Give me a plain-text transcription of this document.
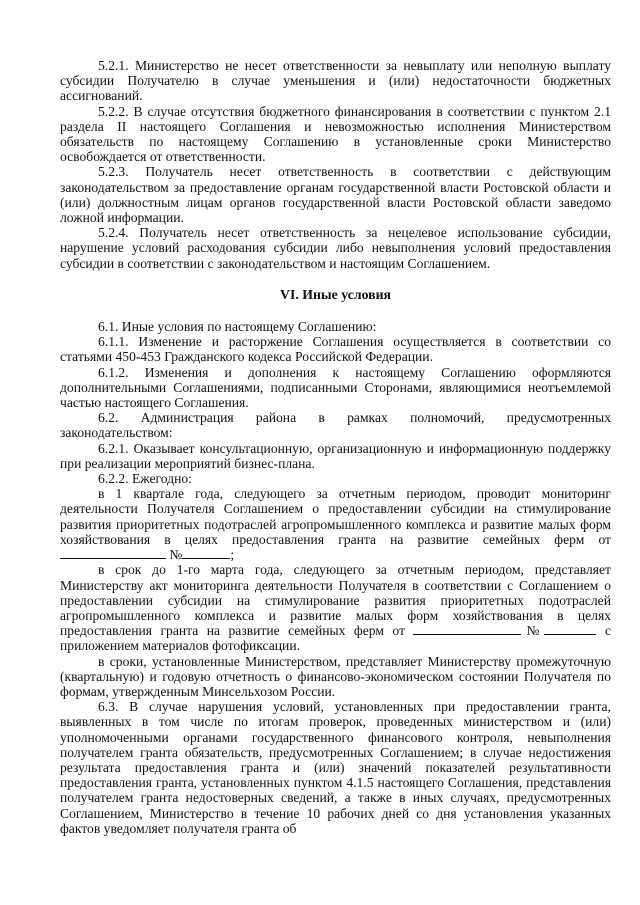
5.2.1. Министерство не несет ответственности за невыплату или неполную выплату субсидии Получателю в случае уменьшения и (или) недостаточности бюджетных ассигнований.

5.2.2. В случае отсутствия бюджетного финансирования в соответствии с пунктом 2.1 раздела II настоящего Соглашения и невозможностью исполнения Министерством обязательств по настоящему Соглашению в установленные сроки Министерство освобождается от ответственности.

5.2.3. Получатель несет ответственность в соответствии с действующим законодательством за предоставление органам государственной власти Ростовской области и (или) должностным лицам органов государственной власти Ростовской области заведомо ложной информации.

5.2.4. Получатель несет ответственность за нецелевое использование субсидии, нарушение условий расходования субсидии либо невыполнения условий предоставления субсидии в соответствии с законодательством и настоящим Соглашением.

VI. Иные условия

6.1. Иные условия по настоящему Соглашению:

6.1.1. Изменение и расторжение Соглашения осуществляется в соответствии со статьями 450-453 Гражданского кодекса Российской Федерации.

6.1.2. Изменения и дополнения к настоящему Соглашению оформляются дополнительными Соглашениями, подписанными Сторонами, являющимися неотъемлемой частью настоящего Соглашения.

6.2. Администрация района в рамках полномочий, предусмотренных законодательством:

6.2.1. Оказывает консультационную, организационную и информационную поддержку при реализации мероприятий бизнес-плана.

6.2.2. Ежегодно:

в 1 квартале года, следующего за отчетным периодом, проводит мониторинг деятельности Получателя Соглашением о предоставлении субсидии на стимулирование развития приоритетных подотраслей агропромышленного комплекса и развитие малых форм хозяйствования в целях предоставления гранта на развитие семейных ферм от  №	;

в срок до 1-го марта года, следующего за отчетным периодом, представляет Министерству акт мониторинга деятельности Получателя в соответствии с Соглашением о предоставлении субсидии на стимулирование развития приоритетных подотраслей агропромышленного комплекса и развитие малых форм хозяйствования в целях предоставления гранта на развитие семейных ферм от	№	с приложением материалов фотофиксации.

в сроки, установленные Министерством, представляет Министерству промежуточную (квартальную) и годовую отчетность о финансово-экономическом состоянии Получателя по формам, утвержденным Минсельхозом России.

6.3. В случае нарушения условий, установленных при предоставлении гранта, выявленных в том числе по итогам проверок, проведенных министерством и (или) уполномоченными органами государственного финансового контроля, невыполнения получателем гранта обязательств, предусмотренных Соглашением; в случае недостижения результата предоставления гранта и (или) значений показателей результативности предоставления гранта, установленных пунктом 4.1.5 настоящего Соглашения, представления получателем гранта недостоверных сведений, а также в иных случаях, предусмотренных Соглашением, Министерство в течение 10 рабочих дней со дня установления указанных фактов уведомляет получателя гранта об
